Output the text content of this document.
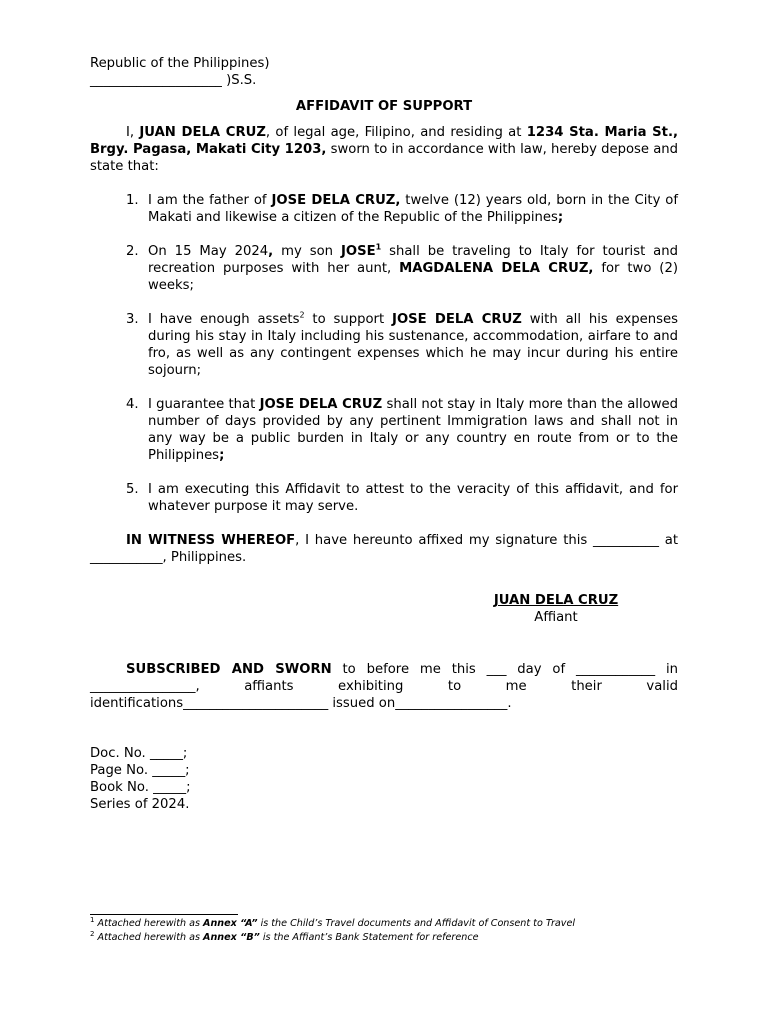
Republic of the Philippines)
____________________ )S.S.
AFFIDAVIT OF SUPPORT
I, JUAN DELA CRUZ, of legal age, Filipino, and residing at 1234 Sta. Maria St., Brgy. Pagasa, Makati City 1203, sworn to in accordance with law, hereby depose and state that:
1. I am the father of JOSE DELA CRUZ, twelve (12) years old, born in the City of Makati and likewise a citizen of the Republic of the Philippines;
2. On 15 May 2024, my son JOSE$^1$ shall be traveling to Italy for tourist and recreation purposes with her aunt, MAGDALENA DELA CRUZ, for two (2) weeks;
3. I have enough assets$^2$ to support JOSE DELA CRUZ with all his expenses during his stay in Italy including his sustenance, accommodation, airfare to and fro, as well as any contingent expenses which he may incur during his entire sojourn;
4. I guarantee that JOSE DELA CRUZ shall not stay in Italy more than the allowed number of days provided by any pertinent Immigration laws and shall not in any way be a public burden in Italy or any country en route from or to the Philippines;
5. I am executing this Affidavit to attest to the veracity of this affidavit, and for whatever purpose it may serve.
IN WITNESS WHEREOF, I have hereunto affixed my signature this __________ at ___________, Philippines.
JUAN DELA CRUZ
Affiant
SUBSCRIBED AND SWORN to before me this ___ day of ____________ in ________________, affiants exhibiting to me their valid identifications______________________ issued on_________________.
Doc. No. _____;
Page No. _____;
Book No. _____;
Series of 2024.
$^1$ Attached herewith as Annex “A” is the Child’s Travel documents and Affidavit of Consent to Travel
$^2$ Attached herewith as Annex “B” is the Affiant’s Bank Statement for reference
